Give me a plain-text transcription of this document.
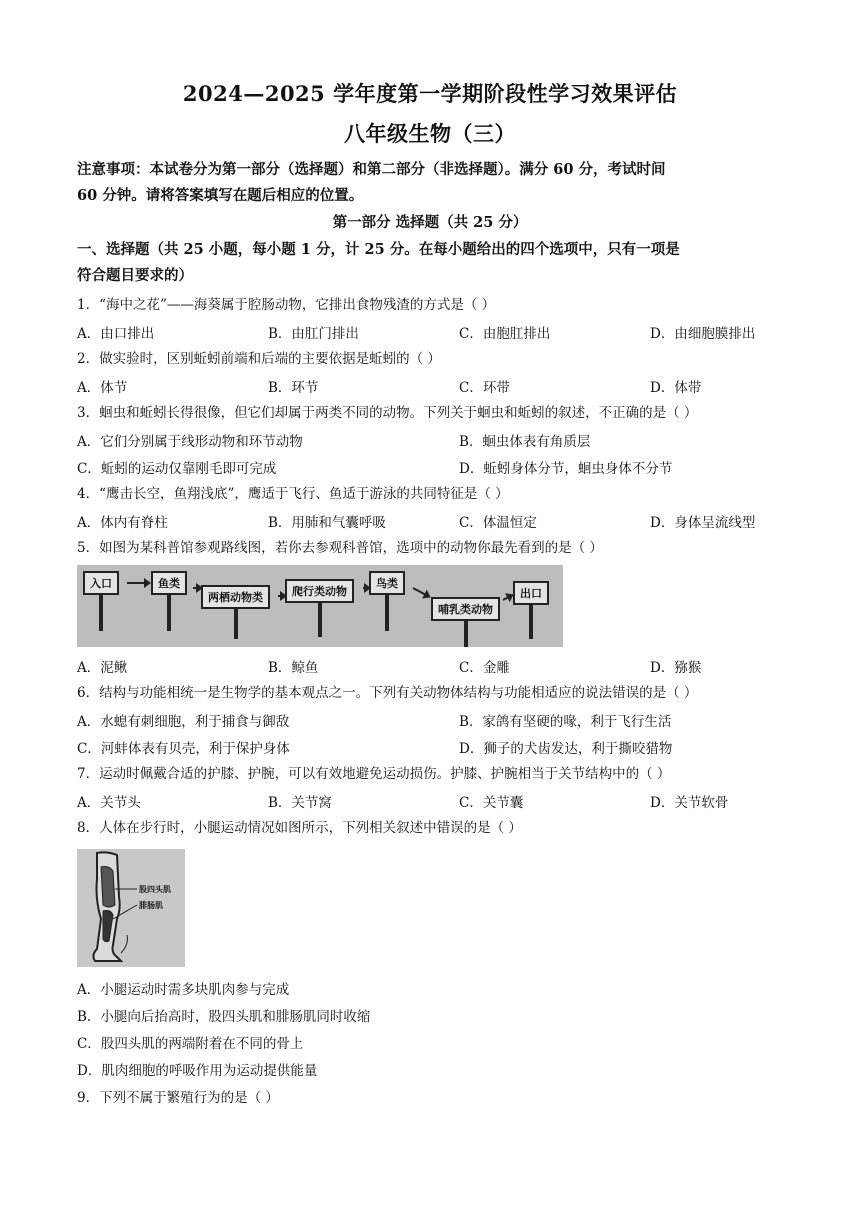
2024—2025 学年度第一学期阶段性学习效果评估
八年级生物（三）
注意事项：本试卷分为第一部分（选择题）和第二部分（非选择题）。满分 60 分，考试时间
60 分钟。请将答案填写在题后相应的位置。
第一部分 选择题（共 25 分）
一、选择题（共 25 小题，每小题 1 分，计 25 分。在每小题给出的四个选项中，只有一项是
符合题目要求的）
1．“海中之花”——海葵属于腔肠动物，它排出食物残渣的方式是（ ）
A．由口排出	B．由肛门排出	C．由胞肛排出	D．由细胞膜排出
2．做实验时，区别蚯蚓前端和后端的主要依据是蚯蚓的（ ）
A．体节	B．环节	C．环带	D．体带
3．蛔虫和蚯蚓长得很像，但它们却属于两类不同的动物。下列关于蛔虫和蚯蚓的叙述，不正确的是（ ）
A．它们分别属于线形动物和环节动物	B．蛔虫体表有角质层
C．蚯蚓的运动仅靠刚毛即可完成	D．蚯蚓身体分节，蛔虫身体不分节
4．“鹰击长空，鱼翔浅底”，鹰适于飞行、鱼适于游泳的共同特征是（ ）
A．体内有脊柱	B．用肺和气囊呼吸	C．体温恒定	D．身体呈流线型
5．如图为某科普馆参观路线图，若你去参观科普馆，选项中的动物你最先看到的是（ ）
入口	鱼类
两栖动物类	爬行类动物
鸟类
哺乳类动物
出口
A．泥鳅	B．鲸鱼	C．金雕	D．猕猴
6．结构与功能相统一是生物学的基本观点之一。下列有关动物体结构与功能相适应的说法错误的是（ ）
A．水螅有刺细胞，利于捕食与御敌	B．家鸽有坚硬的喙，利于飞行生活
C．河蚌体表有贝壳，利于保护身体	D．狮子的犬齿发达，利于撕咬猎物
7．运动时佩戴合适的护膝、护腕，可以有效地避免运动损伤。护膝、护腕相当于关节结构中的（ ）
A．关节头	B．关节窝	C．关节囊	D．关节软骨
8．人体在步行时，小腿运动情况如图所示，下列相关叙述中错误的是（ ）
股四头肌
腓肠肌
A．小腿运动时需多块肌肉参与完成
B．小腿向后抬高时，股四头肌和腓肠肌同时收缩
C．股四头肌的两端附着在不同的骨上
D．肌肉细胞的呼吸作用为运动提供能量
9．下列不属于繁殖行为的是（ ）
